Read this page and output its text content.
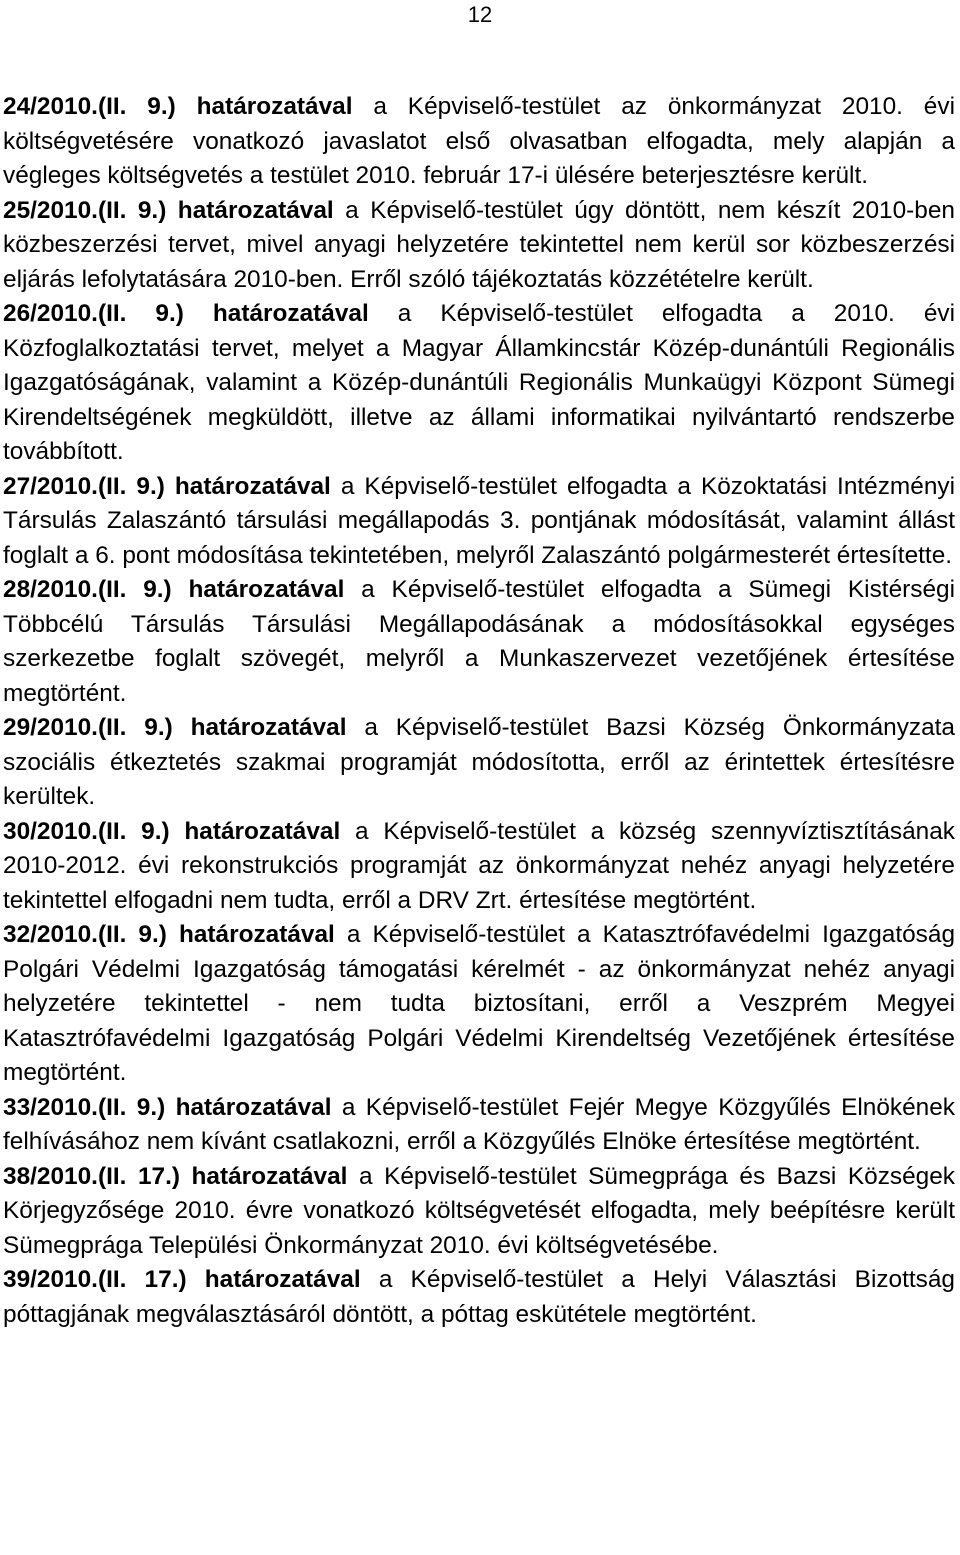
12

24/2010.(II. 9.) határozatával a Képviselő-testület az önkormányzat 2010. évi költségvetésére vonatkozó javaslatot első olvasatban elfogadta, mely alapján a végleges költségvetés a testület 2010. február 17-i ülésére beterjesztésre került.

25/2010.(II. 9.) határozatával a Képviselő-testület úgy döntött, nem készít 2010-ben közbeszerzési tervet, mivel anyagi helyzetére tekintettel nem kerül sor közbeszerzési eljárás lefolytatására 2010-ben. Erről szóló tájékoztatás közzétételre került.

26/2010.(II. 9.) határozatával a Képviselő-testület elfogadta a 2010. évi Közfoglalkoztatási tervet, melyet a Magyar Államkincstár Közép-dunántúli Regionális Igazgatóságának, valamint a Közép-dunántúli Regionális Munkaügyi Központ Sümegi Kirendeltségének megküldött, illetve az állami informatikai nyilvántartó rendszerbe továbbított.

27/2010.(II. 9.) határozatával a Képviselő-testület elfogadta a Közoktatási Intézményi Társulás Zalaszántó társulási megállapodás 3. pontjának módosítását, valamint állást foglalt a 6. pont módosítása tekintetében, melyről Zalaszántó polgármesterét értesítette.

28/2010.(II. 9.) határozatával a Képviselő-testület elfogadta a Sümegi Kistérségi Többcélú Társulás Társulási Megállapodásának a módosításokkal egységes szerkezetbe foglalt szövegét, melyről a Munkaszervezet vezetőjének értesítése megtörtént.

29/2010.(II. 9.) határozatával a Képviselő-testület Bazsi Község Önkormányzata szociális étkeztetés szakmai programját módosította, erről az érintettek értesítésre kerültek.

30/2010.(II. 9.) határozatával a Képviselő-testület a község szennyvíztisztításának 2010-2012. évi rekonstrukciós programját az önkormányzat nehéz anyagi helyzetére tekintettel elfogadni nem tudta, erről a DRV Zrt. értesítése megtörtént.

32/2010.(II. 9.) határozatával a Képviselő-testület a Katasztrófavédelmi Igazgatóság Polgári Védelmi Igazgatóság támogatási kérelmét - az önkormányzat nehéz anyagi helyzetére tekintettel - nem tudta biztosítani, erről a Veszprém Megyei Katasztrófavédelmi Igazgatóság Polgári Védelmi Kirendeltség Vezetőjének értesítése megtörtént.

33/2010.(II. 9.) határozatával a Képviselő-testület Fejér Megye Közgyűlés Elnökének felhívásához nem kívánt csatlakozni, erről a Közgyűlés Elnöke értesítése megtörtént.

38/2010.(II. 17.) határozatával a Képviselő-testület Sümegprága és Bazsi Községek Körjegyzősége 2010. évre vonatkozó költségvetését elfogadta, mely beépítésre került Sümegprága Települési Önkormányzat 2010. évi költségvetésébe.

39/2010.(II. 17.) határozatával a Képviselő-testület a Helyi Választási Bizottság póttagjának megválasztásáról döntött, a póttag eskütétele megtörtént.
